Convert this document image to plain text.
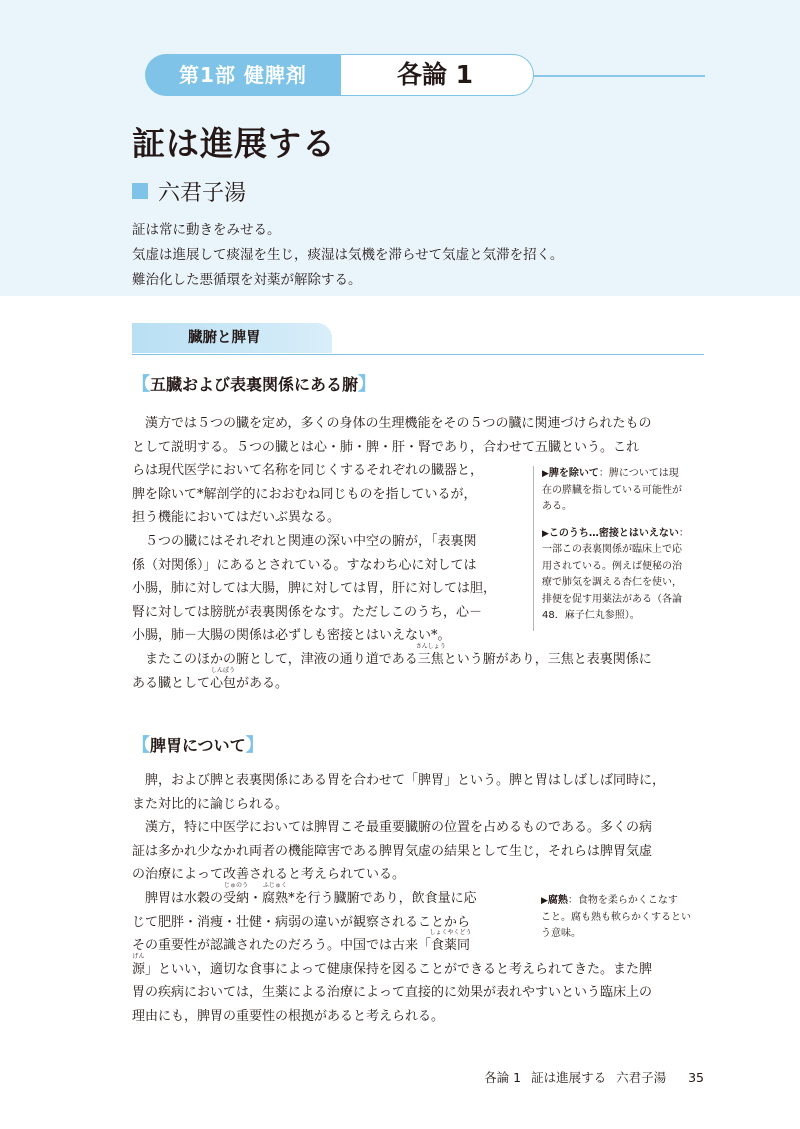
各論 1
第1部 健脾剤
証は進展する
六君子湯
証は常に動きをみせる。
気虚は進展して痰湿を生じ，痰湿は気機を滞らせて気虚と気滞を招く。
難治化した悪循環を対薬が解除する。
臓腑と脾胃
【五臓および表裏関係にある腑】
漢方では５つの臓を定め，多くの身体の生理機能をその５つの臓に関連づけられたもの
として説明する。５つの臓とは心・肺・脾・肝・腎であり，合わせて五臓という。これ
らは現代医学において名称を同じくするそれぞれの臓器と，
脾を除いて*解剖学的におおむね同じものを指しているが，
担う機能においてはだいぶ異なる。
５つの臓にはそれぞれと関連の深い中空の腑が，「表裏関
係（対関係）」にあるとされている。すなわち心に対しては
小腸，肺に対しては大腸，脾に対しては胃，肝に対しては胆，
腎に対しては膀胱が表裏関係をなす。ただしこのうち，心－
小腸，肺－大腸の関係は必ずしも密接とはいえない*。
またこのほかの腑として，津液の通り道である
さんしょう
三焦という腑があり，三焦と表裏関係に
ある臓として
しんぽう
心包がある。
▶脾を除いて：脾については現
在の膵臓を指している可能性が
ある。
▶このうち…密接とはいえない：
一部この表裏関係が臨床上で応
用されている。例えば便秘の治
療で肺気を調える杏仁を使い，
排便を促す用薬法がある（各論
48．麻子仁丸参照）。
【脾胃について】
脾，および脾と表裏関係にある胃を合わせて「脾胃」という。脾と胃はしばしば同時に，
また対比的に論じられる。
漢方，特に中医学においては脾胃こそ最重要臓腑の位置を占めるものである。多くの病
証は多かれ少なかれ両者の機能障害である脾胃気虚の結果として生じ，それらは脾胃気虚
の治療によって改善されると考えられている。
脾胃は水穀の
じゅのう
受納・
ふじゅく
腐熟*を行う臓腑であり，飲食量に応
じて肥胖・消痩・壮健・病弱の違いが観察されることから
その重要性が認識されたのだろう。中国では古来「
しょくやくどう
食薬同
げん
源」といい，適切な食事によって健康保持を図ることができると考えられてきた。また脾
胃の疾病においては，生薬による治療によって直接的に効果が表れやすいという臨床上の
理由にも，脾胃の重要性の根拠があると考えられる。
▶腐熟：食物を柔らかくこなす
こと。腐も熟も軟らかくするとい
う意味。
各論 1 証は進展する 六君子湯 35
